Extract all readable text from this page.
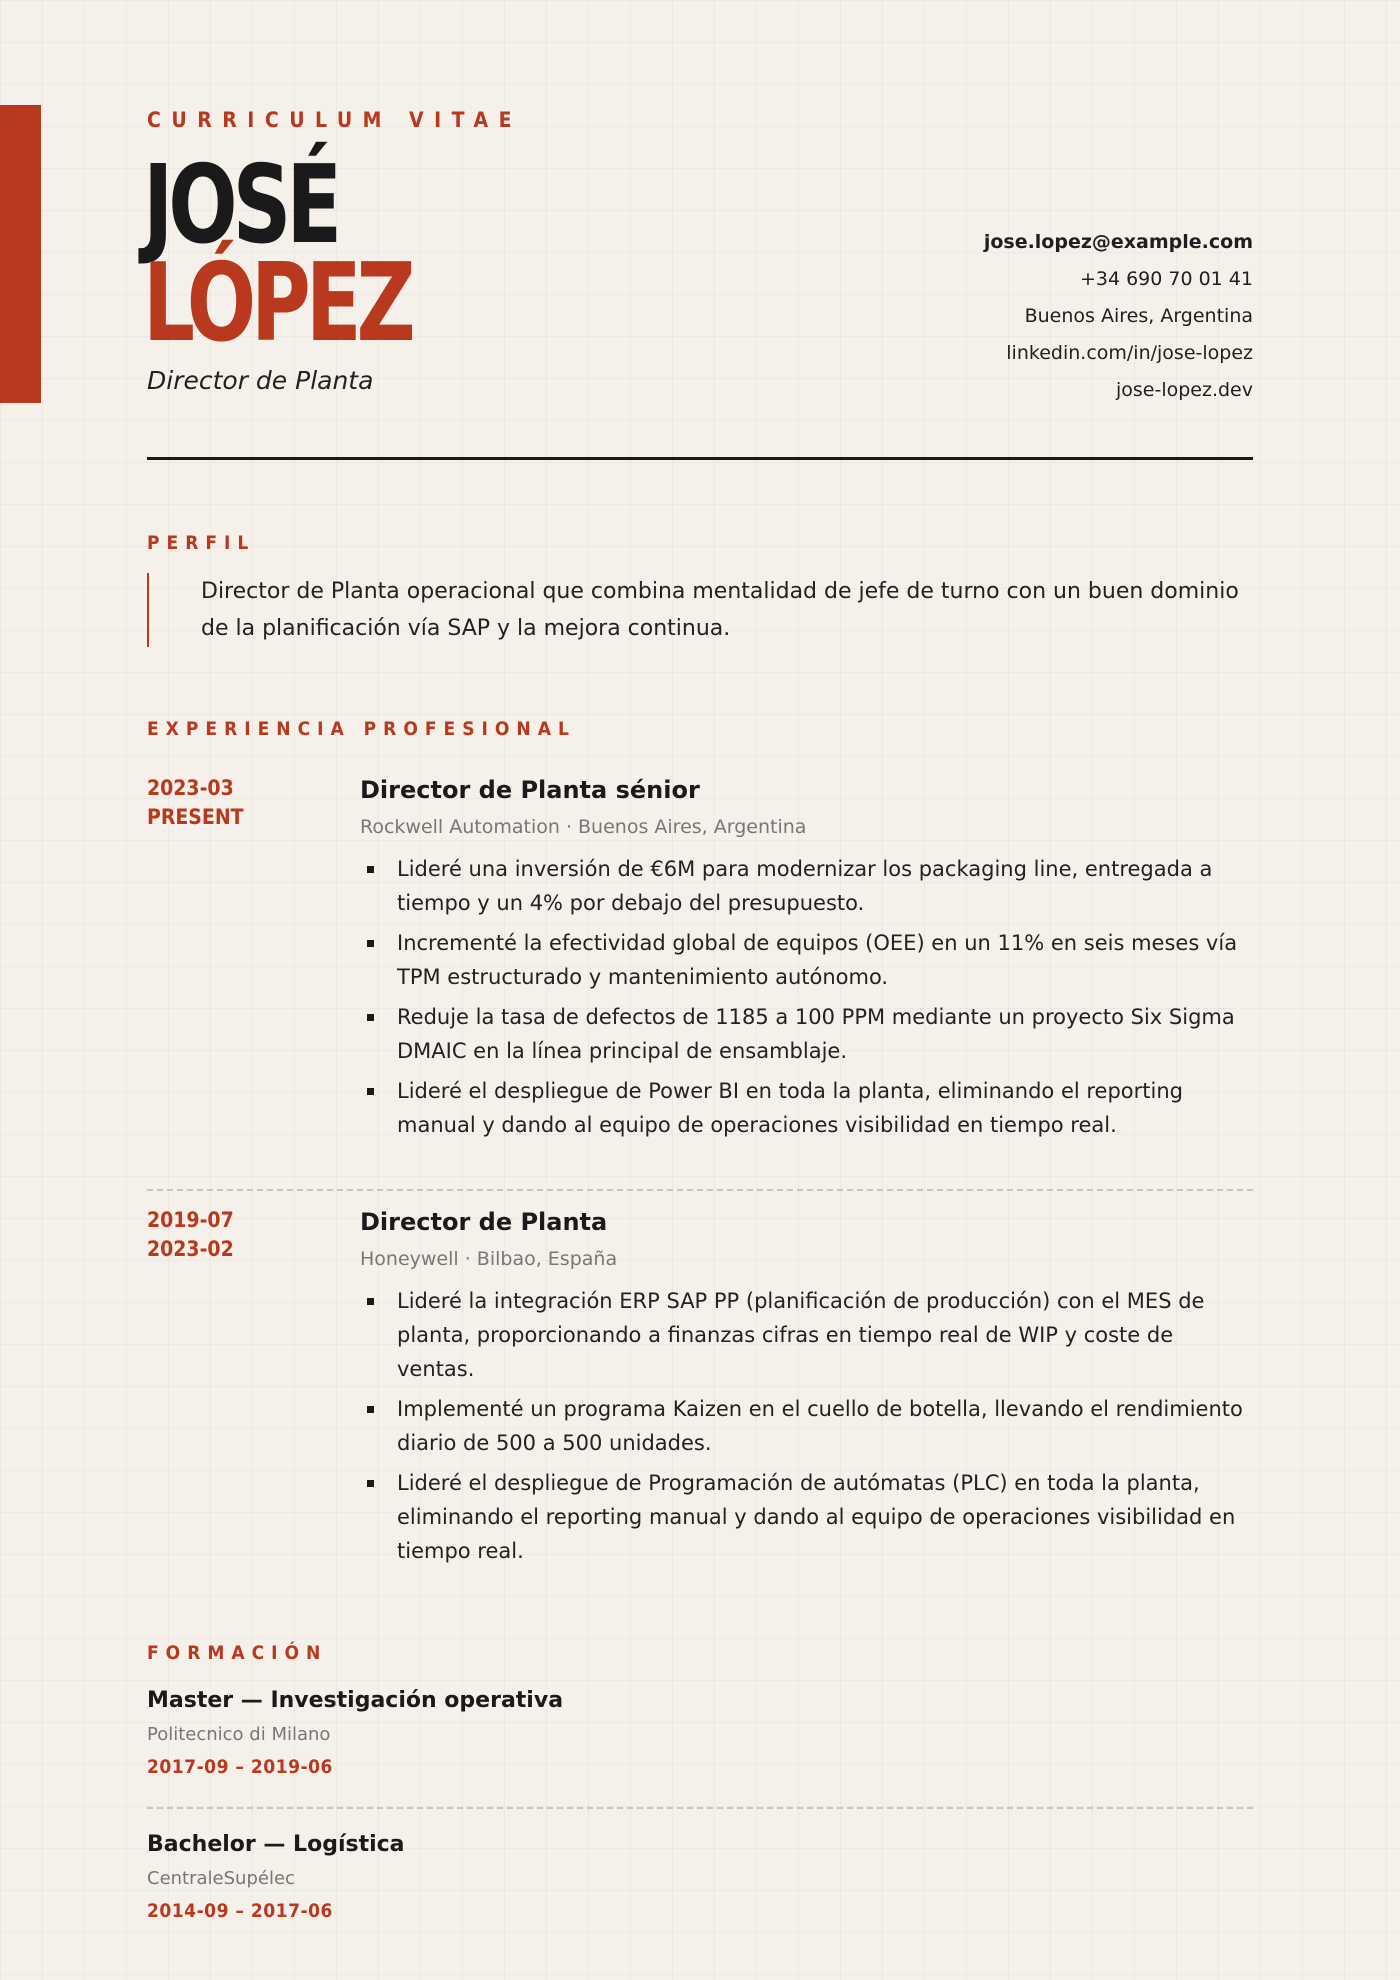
CURRICULUM VITAE
JOSÉ
LÓPEZ
Director de Planta
jose.lopez@example.com
+34 690 70 01 41
Buenos Aires, Argentina
linkedin.com/in/jose-lopez
jose-lopez.dev
PERFIL

Director de Planta operacional que combina mentalidad de jefe de turno con un buen dominio de la planificación vía SAP y la mejora continua.

EXPERIENCIA PROFESIONAL
2023-03
PRESENT
Director de Planta sénior
Rockwell Automation · Buenos Aires, Argentina
Lideré una inversión de €6M para modernizar los packaging line, entregada a tiempo y un 4% por debajo del presupuesto.
Incrementé la efectividad global de equipos (OEE) en un 11% en seis meses vía TPM estructurado y mantenimiento autónomo.
Reduje la tasa de defectos de 1185 a 100 PPM mediante un proyecto Six Sigma DMAIC en la línea principal de ensamblaje.
Lideré el despliegue de Power BI en toda la planta, eliminando el reporting manual y dando al equipo de operaciones visibilidad en tiempo real.
2019-07
2023-02
Director de Planta
Honeywell · Bilbao, España
Lideré la integración ERP SAP PP (planificación de producción) con el MES de planta, proporcionando a finanzas cifras en tiempo real de WIP y coste de ventas.
Implementé un programa Kaizen en el cuello de botella, llevando el rendimiento diario de 500 a 500 unidades.
Lideré el despliegue de Programación de autómatas (PLC) en toda la planta, eliminando el reporting manual y dando al equipo de operaciones visibilidad en tiempo real.
FORMACIÓN
Master — Investigación operativa
Politecnico di Milano
2017-09 – 2019-06
Bachelor — Logística
CentraleSupélec
2014-09 – 2017-06
